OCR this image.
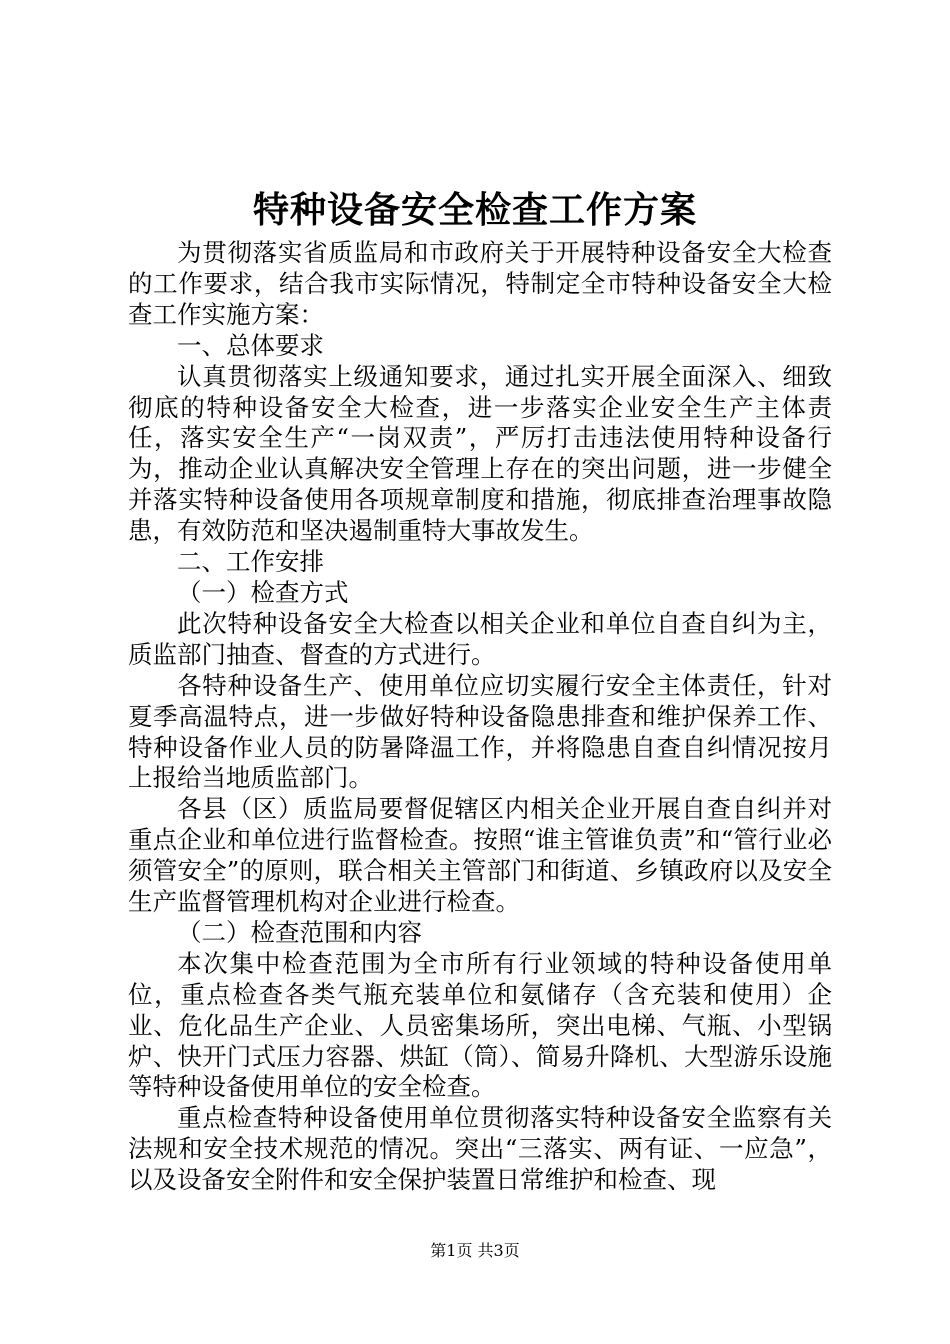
特种设备安全检查工作方案

为贯彻落实省质监局和市政府关于开展特种设备安全大检查的工作要求，结合我市实际情况，特制定全市特种设备安全大检查工作实施方案：

一、总体要求

认真贯彻落实上级通知要求，通过扎实开展全面深入、细致彻底的特种设备安全大检查，进一步落实企业安全生产主体责任，落实安全生产“一岗双责”，严厉打击违法使用特种设备行为，推动企业认真解决安全管理上存在的突出问题，进一步健全并落实特种设备使用各项规章制度和措施，彻底排查治理事故隐患，有效防范和坚决遏制重特大事故发生。

二、工作安排

（一）检查方式

此次特种设备安全大检查以相关企业和单位自查自纠为主，质监部门抽查、督查的方式进行。

各特种设备生产、使用单位应切实履行安全主体责任，针对夏季高温特点，进一步做好特种设备隐患排查和维护保养工作、特种设备作业人员的防暑降温工作，并将隐患自查自纠情况按月上报给当地质监部门。

各县（区）质监局要督促辖区内相关企业开展自查自纠并对重点企业和单位进行监督检查。按照“谁主管谁负责”和“管行业必须管安全”的原则，联合相关主管部门和街道、乡镇政府以及安全生产监督管理机构对企业进行检查。

（二）检查范围和内容

本次集中检查范围为全市所有行业领域的特种设备使用单位，重点检查各类气瓶充装单位和氨储存（含充装和使用）企业、危化品生产企业、人员密集场所，突出电梯、气瓶、小型锅炉、快开门式压力容器、烘缸（筒）、简易升降机、大型游乐设施等特种设备使用单位的安全检查。

重点检查特种设备使用单位贯彻落实特种设备安全监察有关法规和安全技术规范的情况。突出“三落实、两有证、一应急”，以及设备安全附件和安全保护装置日常维护和检查、现

第1页 共3页
